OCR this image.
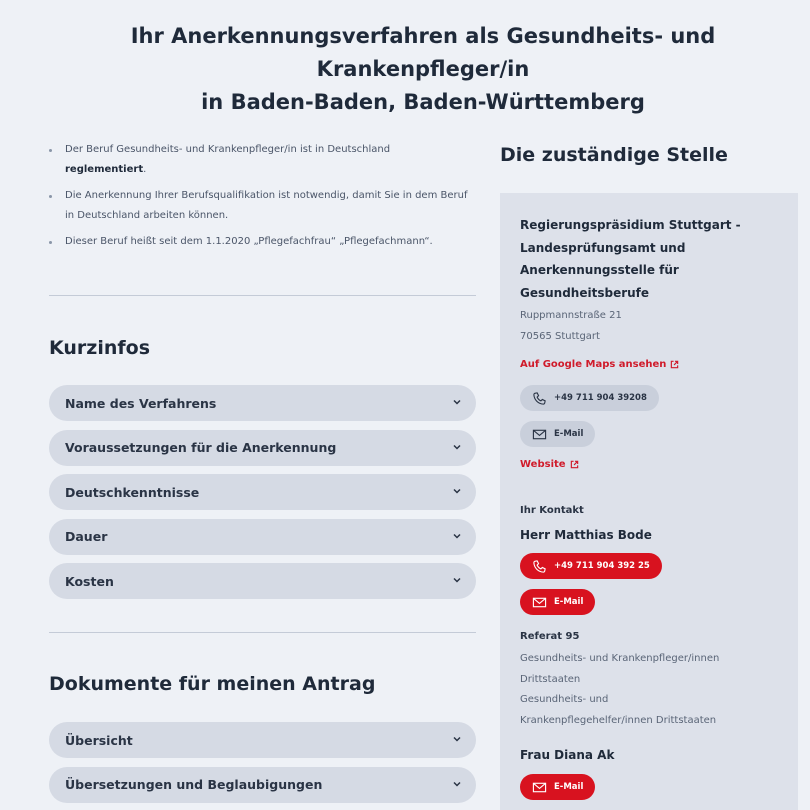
Ihr Anerkennungsverfahren als Gesundheits- und
Krankenpfleger/in
in Baden-Baden, Baden-Württemberg
Der Beruf Gesundheits- und Krankenpfleger/in ist in Deutschland
reglementiert.
Die Anerkennung Ihrer Berufsqualifikation ist notwendig, damit Sie in dem Beruf in Deutschland arbeiten können.
Dieser Beruf heißt seit dem 1.1.2020 „Pflegefachfrau“ „Pflegefachmann“.
Kurzinfos
Name des Verfahrens
Voraussetzungen für die Anerkennung
Deutschkenntnisse
Dauer
Kosten
Dokumente für meinen Antrag
Übersicht
Übersetzungen und Beglaubigungen
Die zuständige Stelle
Regierungspräsidium Stuttgart - Landesprüfungsamt und Anerkennungsstelle für Gesundheitsberufe
Ruppmannstraße 21
70565 Stuttgart
Auf Google Maps ansehen
+49 711 904 39208
E-Mail
Website
Ihr Kontakt
Herr Matthias Bode
+49 711 904 392 25
E-Mail
Referat 95
Gesundheits- und Krankenpfleger/innen
Drittstaaten
Gesundheits- und
Krankenpflegehelfer/innen Drittstaaten
Frau Diana Ak
E-Mail
